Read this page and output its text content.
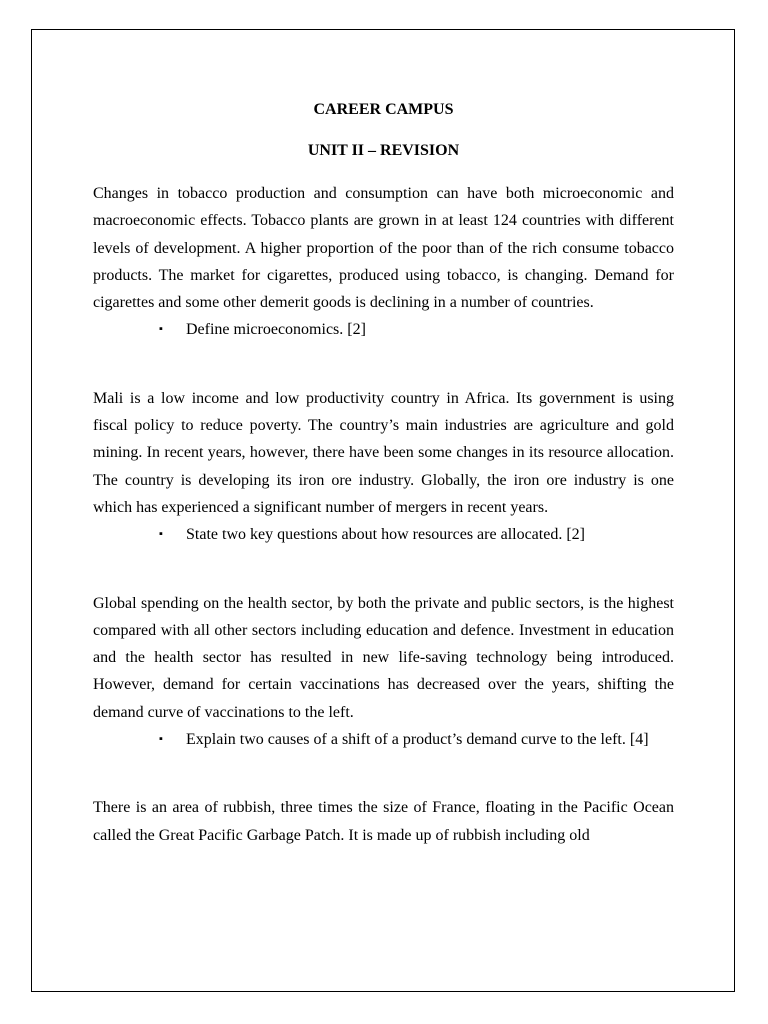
CAREER CAMPUS
UNIT II – REVISION

Changes in tobacco production and consumption can have both microeconomic and macroeconomic effects. Tobacco plants are grown in at least 124 countries with different levels of development. A higher proportion of the poor than of the rich consume tobacco products. The market for cigarettes, produced using tobacco, is changing. Demand for cigarettes and some other demerit goods is declining in a number of countries.

▪	Define microeconomics. [2]

Mali is a low income and low productivity country in Africa. Its government is using fiscal policy to reduce poverty. The country’s main industries are agriculture and gold mining. In recent years, however, there have been some changes in its resource allocation. The country is developing its iron ore industry. Globally, the iron ore industry is one which has experienced a significant number of mergers in recent years.

▪	State two key questions about how resources are allocated. [2]

Global spending on the health sector, by both the private and public sectors, is the highest compared with all other sectors including education and defence. Investment in education and the health sector has resulted in new life-saving technology being introduced. However, demand for certain vaccinations has decreased over the years, shifting the demand curve of vaccinations to the left.

▪	Explain two causes of a shift of a product’s demand curve to the left. [4]

There is an area of rubbish, three times the size of France, floating in the Pacific Ocean called the Great Pacific Garbage Patch. It is made up of rubbish including old
